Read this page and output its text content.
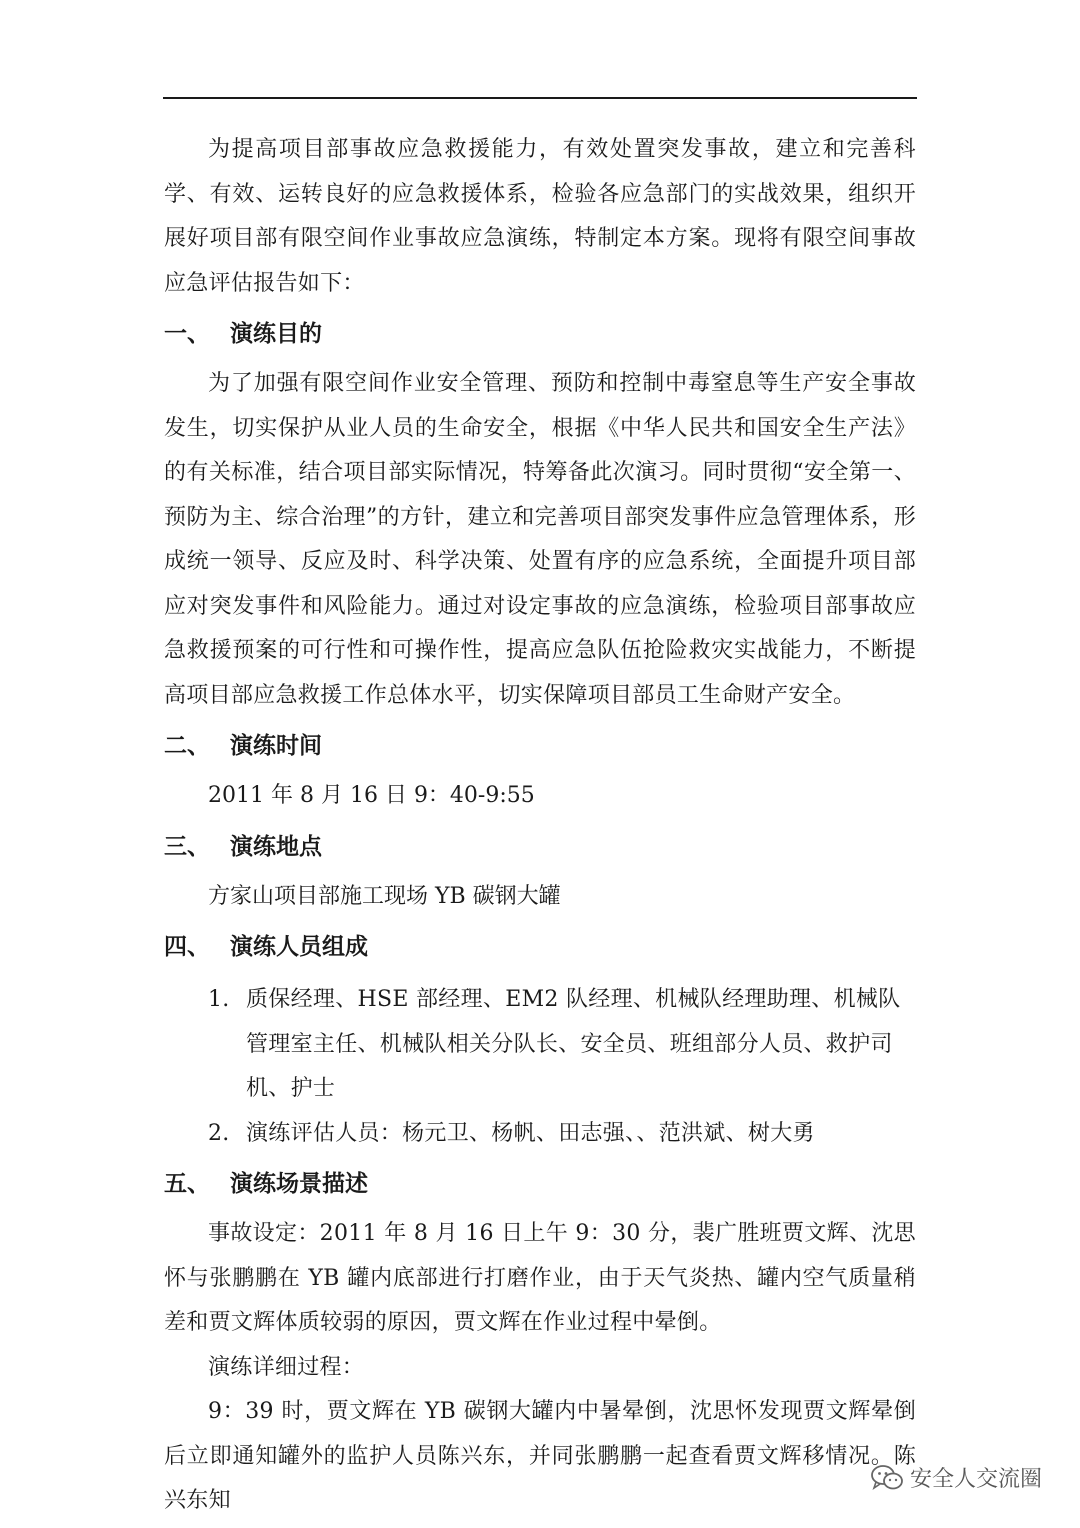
为提高项目部事故应急救援能力，有效处置突发事故，建立和完善科学、有效、运转良好的应急救援体系，检验各应急部门的实战效果，组织开展好项目部有限空间作业事故应急演练，特制定本方案。现将有限空间事故应急评估报告如下：

一、 演练目的

为了加强有限空间作业安全管理、预防和控制中毒窒息等生产安全事故发生，切实保护从业人员的生命安全，根据《中华人民共和国安全生产法》的有关标准，结合项目部实际情况，特筹备此次演习。同时贯彻“安全第一、预防为主、综合治理”的方针，建立和完善项目部突发事件应急管理体系，形成统一领导、反应及时、科学决策、处置有序的应急系统，全面提升项目部应对突发事件和风险能力。通过对设定事故的应急演练，检验项目部事故应急救援预案的可行性和可操作性，提高应急队伍抢险救灾实战能力，不断提高项目部应急救援工作总体水平，切实保障项目部员工生命财产安全。

二、 演练时间

2011 年 8 月 16 日 9：40-9:55

三、 演练地点

方家山项目部施工现场 YB 碳钢大罐

四、 演练人员组成

1. 质保经理、HSE 部经理、EM2 队经理、机械队经理助理、机械队管理室主任、机械队相关分队长、安全员、班组部分人员、救护司机、护士

2. 演练评估人员：杨元卫、杨帆、田志强、、范洪斌、树大勇

五、 演练场景描述

事故设定：2011 年 8 月 16 日上午 9：30 分，裴广胜班贾文辉、沈思怀与张鹏鹏在 YB 罐内底部进行打磨作业，由于天气炎热、罐内空气质量稍差和贾文辉体质较弱的原因，贾文辉在作业过程中晕倒。

演练详细过程：

9：39 时，贾文辉在 YB 碳钢大罐内中暑晕倒，沈思怀发现贾文辉晕倒后立即通知罐外的监护人员陈兴东，并同张鹏鹏一起查看贾文辉移情况。陈兴东知

安全人交流圈
